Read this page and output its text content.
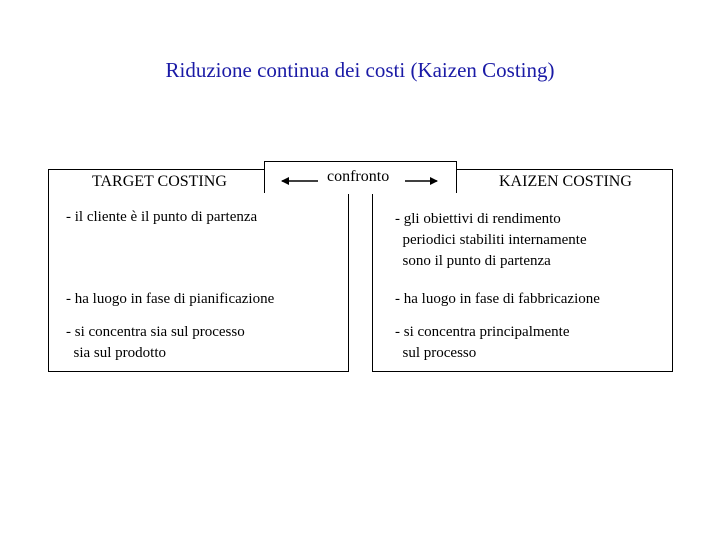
Riduzione continua dei costi (Kaizen Costing)
TARGET COSTING	KAIZEN COSTING
confronto
- il cliente è il punto di partenza
- ha luogo in fase di pianificazione
- si concentra sia sul processo
sia sul prodotto
- gli obiettivi di rendimento
periodici stabiliti internamente
sono il punto di partenza
- ha luogo in fase di fabbricazione
- si concentra principalmente
sul processo
